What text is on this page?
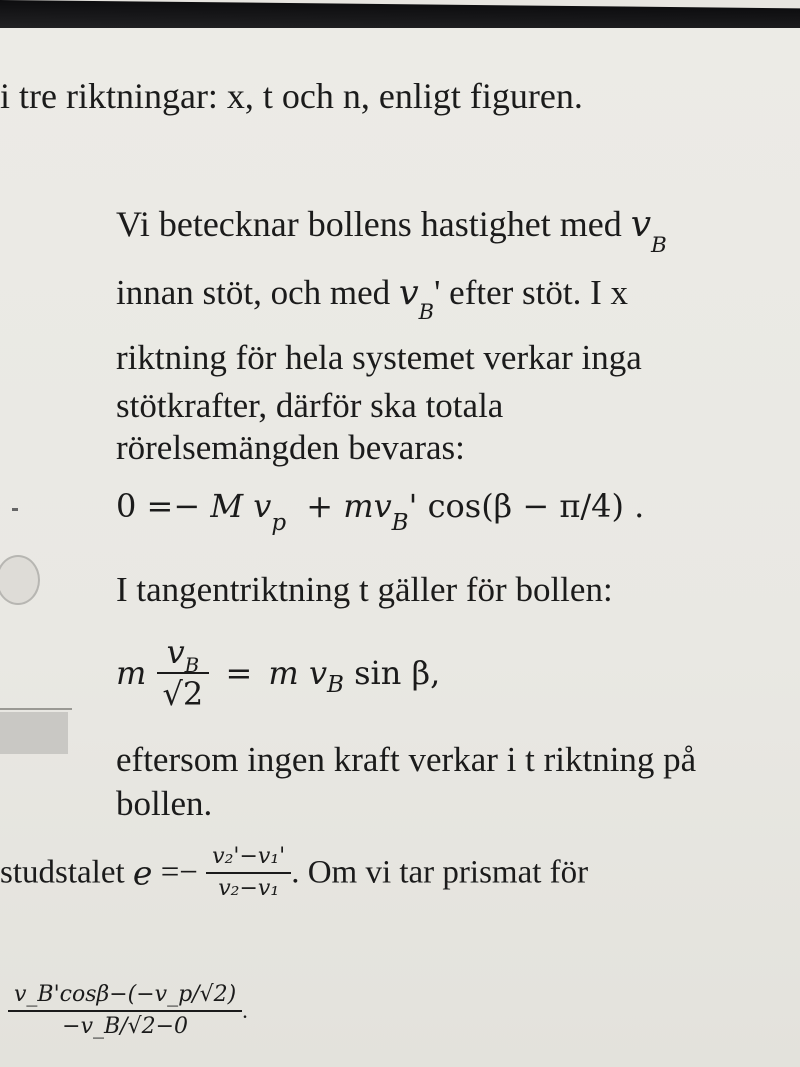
i tre riktningar: x, t och n, enligt figuren.
Vi betecknar bollens hastighet med $v_B$
innan stöt, och med $v_B'$ efter stöt. I x
riktning för hela systemet verkar inga
stötkrafter, därför ska totala
rörelsemängden bevaras:
0 =− M $v_p + mv_B'$ cos(β − π/4) .
I tangentriktning t gäller för bollen:
m $\frac{v_B}{√2} = m$ $v_B$ sin β,
eftersom ingen kraft verkar i t riktning på
bollen.
studstalet $e =- \frac{\text{v₂'−v₁'}}{\text{v₂−v₁}}$ . Om vi tar prismat för
$\frac{v\_B'\cos\beta-(-v\_p/√2)}{-v\_B/√2-0}$ .
